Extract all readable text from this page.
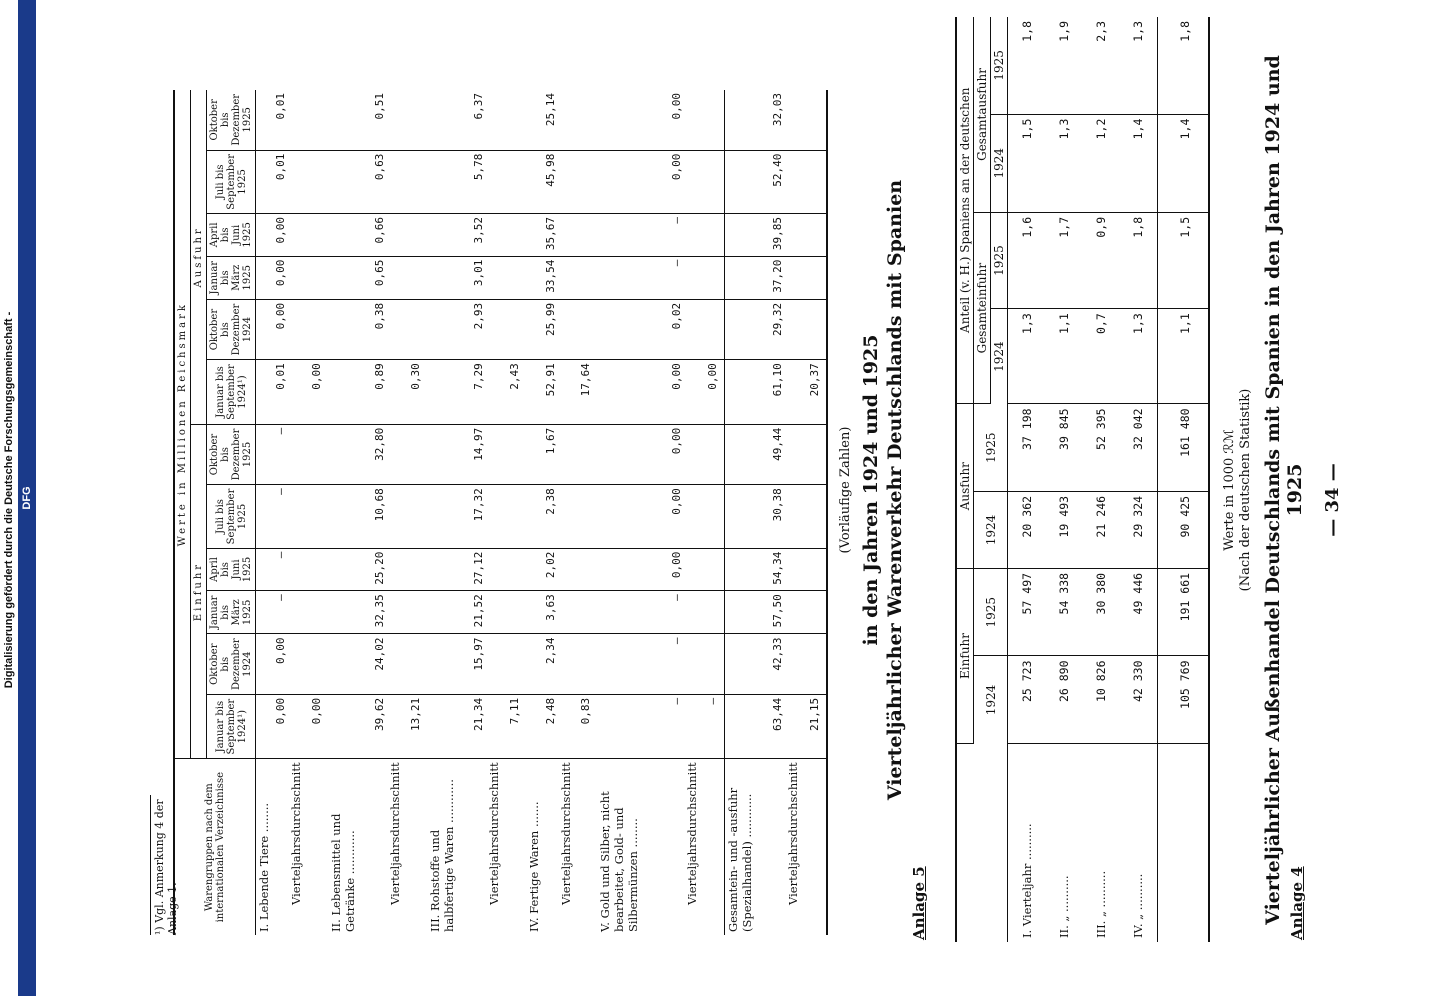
Digitalisierung gefördert durch die Deutsche Forschungsgemeinschaft - DFG	— 34 —
Anlage 4
Vierteljährlicher Außenhandel Deutschlands mit Spanien in den Jahren 1924 und 1925
(Nach der deutschen Statistik)
Werte in 1000 ℛℳ
	Einfuhr		Ausfuhr		Anteil (v. H.) Spaniens an der deutschen			
	1924	1925	1924	1925	Gesamteinfuhr		Gesamtausfuhr	
					1924	1925	1924	1925
I. Vierteljahr ..........	25 723	57 497	20 362	37 198	1,3	1,6	1,5	1,8
II. „ ..........	26 890	54 338	19 493	39 845	1,1	1,7	1,3	1,9
III. „ ..........	10 826	30 380	21 246	52 395	0,7	0,9	1,2	2,3
IV. „ ..........	42 330	49 446	29 324	32 042	1,3	1,8	1,4	1,3
	105 769	191 661	90 425	161 480	1,1	1,5	1,4	1,8
Anlage 5
Vierteljährlicher Warenverkehr Deutschlands mit Spanien
in den Jahren 1924 und 1925
(Vorläufige Zahlen)
Warengruppen nach dem internationalen Verzeichnisse	Werte in Millionen Reichsmark											
	Einfuhr						Ausfuhr					
	Januar bis September 1924¹)	Oktober bis Dezember 1924	Januar bis März 1925	April bis Juni 1925	Juli bis September 1925	Oktober bis Dezember 1925	Januar bis September 1924¹)	Oktober bis Dezember 1924	Januar bis März 1925	April bis Juni 1925	Juli bis September 1925	Oktober bis Dezember 1925
I. Lebende Tiere ........	0,00	0,00	—	—	—	—	0,01	0,00	0,00	0,00	0,01	0,01
Vierteljahrsdurchschnitt	0,00						0,00					
II. Lebensmittel und Getränke ............	39,62	24,02	32,35	25,20	10,68	32,80	0,89	0,38	0,65	0,66	0,63	0,51
Vierteljahrsdurchschnitt	13,21						0,30					
III. Rohstoffe und halbfertige Waren ............	21,34	15,97	21,52	27,12	17,32	14,97	7,29	2,93	3,01	3,52	5,78	6,37
Vierteljahrsdurchschnitt	7,11						2,43					
IV. Fertige Waren .......	2,48	2,34	3,63	2,02	2,38	1,67	52,91	25,99	33,54	35,67	45,98	25,14
Vierteljahrsdurchschnitt	0,83						17,64					
V. Gold und Silber, nicht bearbeitet, Gold- und Silbermünzen ........	—	—	—	0,00	0,00	0,00	0,00	0,02	—	—	0,00	0,00
Vierteljahrsdurchschnitt	—						0,00					
Gesamtein- und -ausfuhr (Spezialhandel) ............	63,44	42,33	57,50	54,34	30,38	49,44	61,10	29,32	37,20	39,85	52,40	32,03
Vierteljahrsdurchschnitt	21,15						20,37					
¹) Vgl. Anmerkung 4 der Anlage 1.
